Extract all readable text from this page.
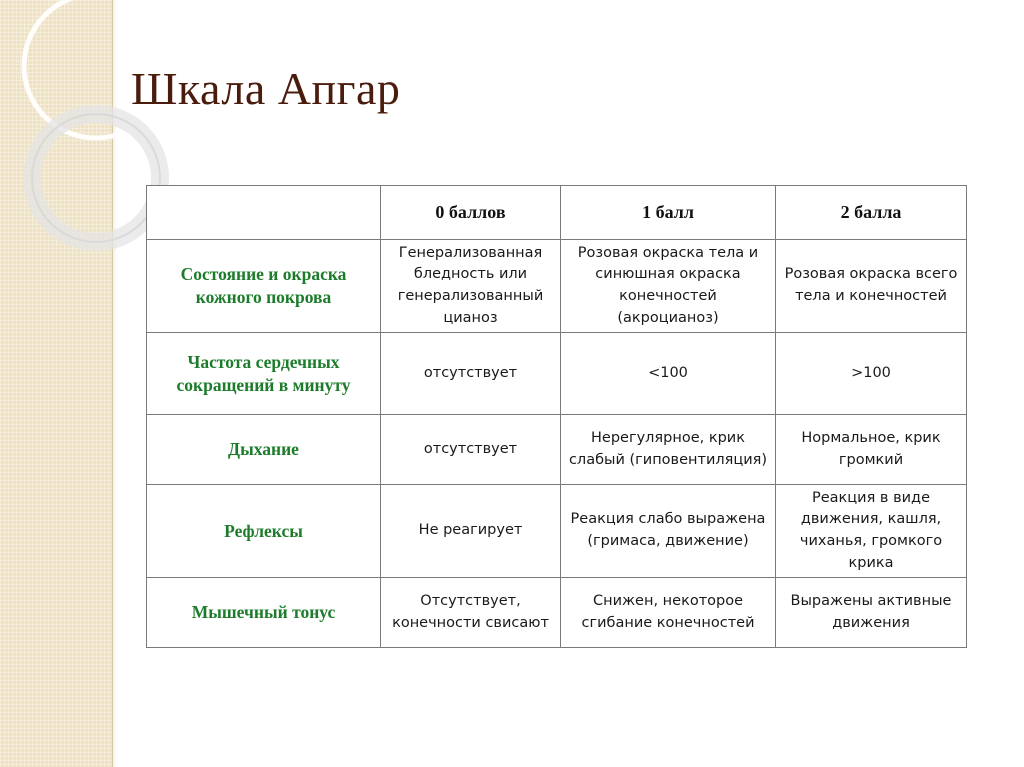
Шкала Апгар
	0 баллов	1 балл	2 балла
Состояние и окраска кожного покрова	Генерализованная бледность или генерализованный цианоз	Розовая окраска тела и синюшная окраска конечностей (акроцианоз)	Розовая окраска всего тела и конечностей
Частота сердечных сокращений в минуту	отсутствует	<100	>100
Дыхание	отсутствует	Нерегулярное, крик слабый (гиповентиляция)	Нормальное, крик громкий
Рефлексы	Не реагирует	Реакция слабо выражена (гримаса, движение)	Реакция в виде движения, кашля, чиханья, громкого крика
Мышечный тонус	Отсутствует, конечности свисают	Снижен, некоторое сгибание конечностей	Выражены активные движения
